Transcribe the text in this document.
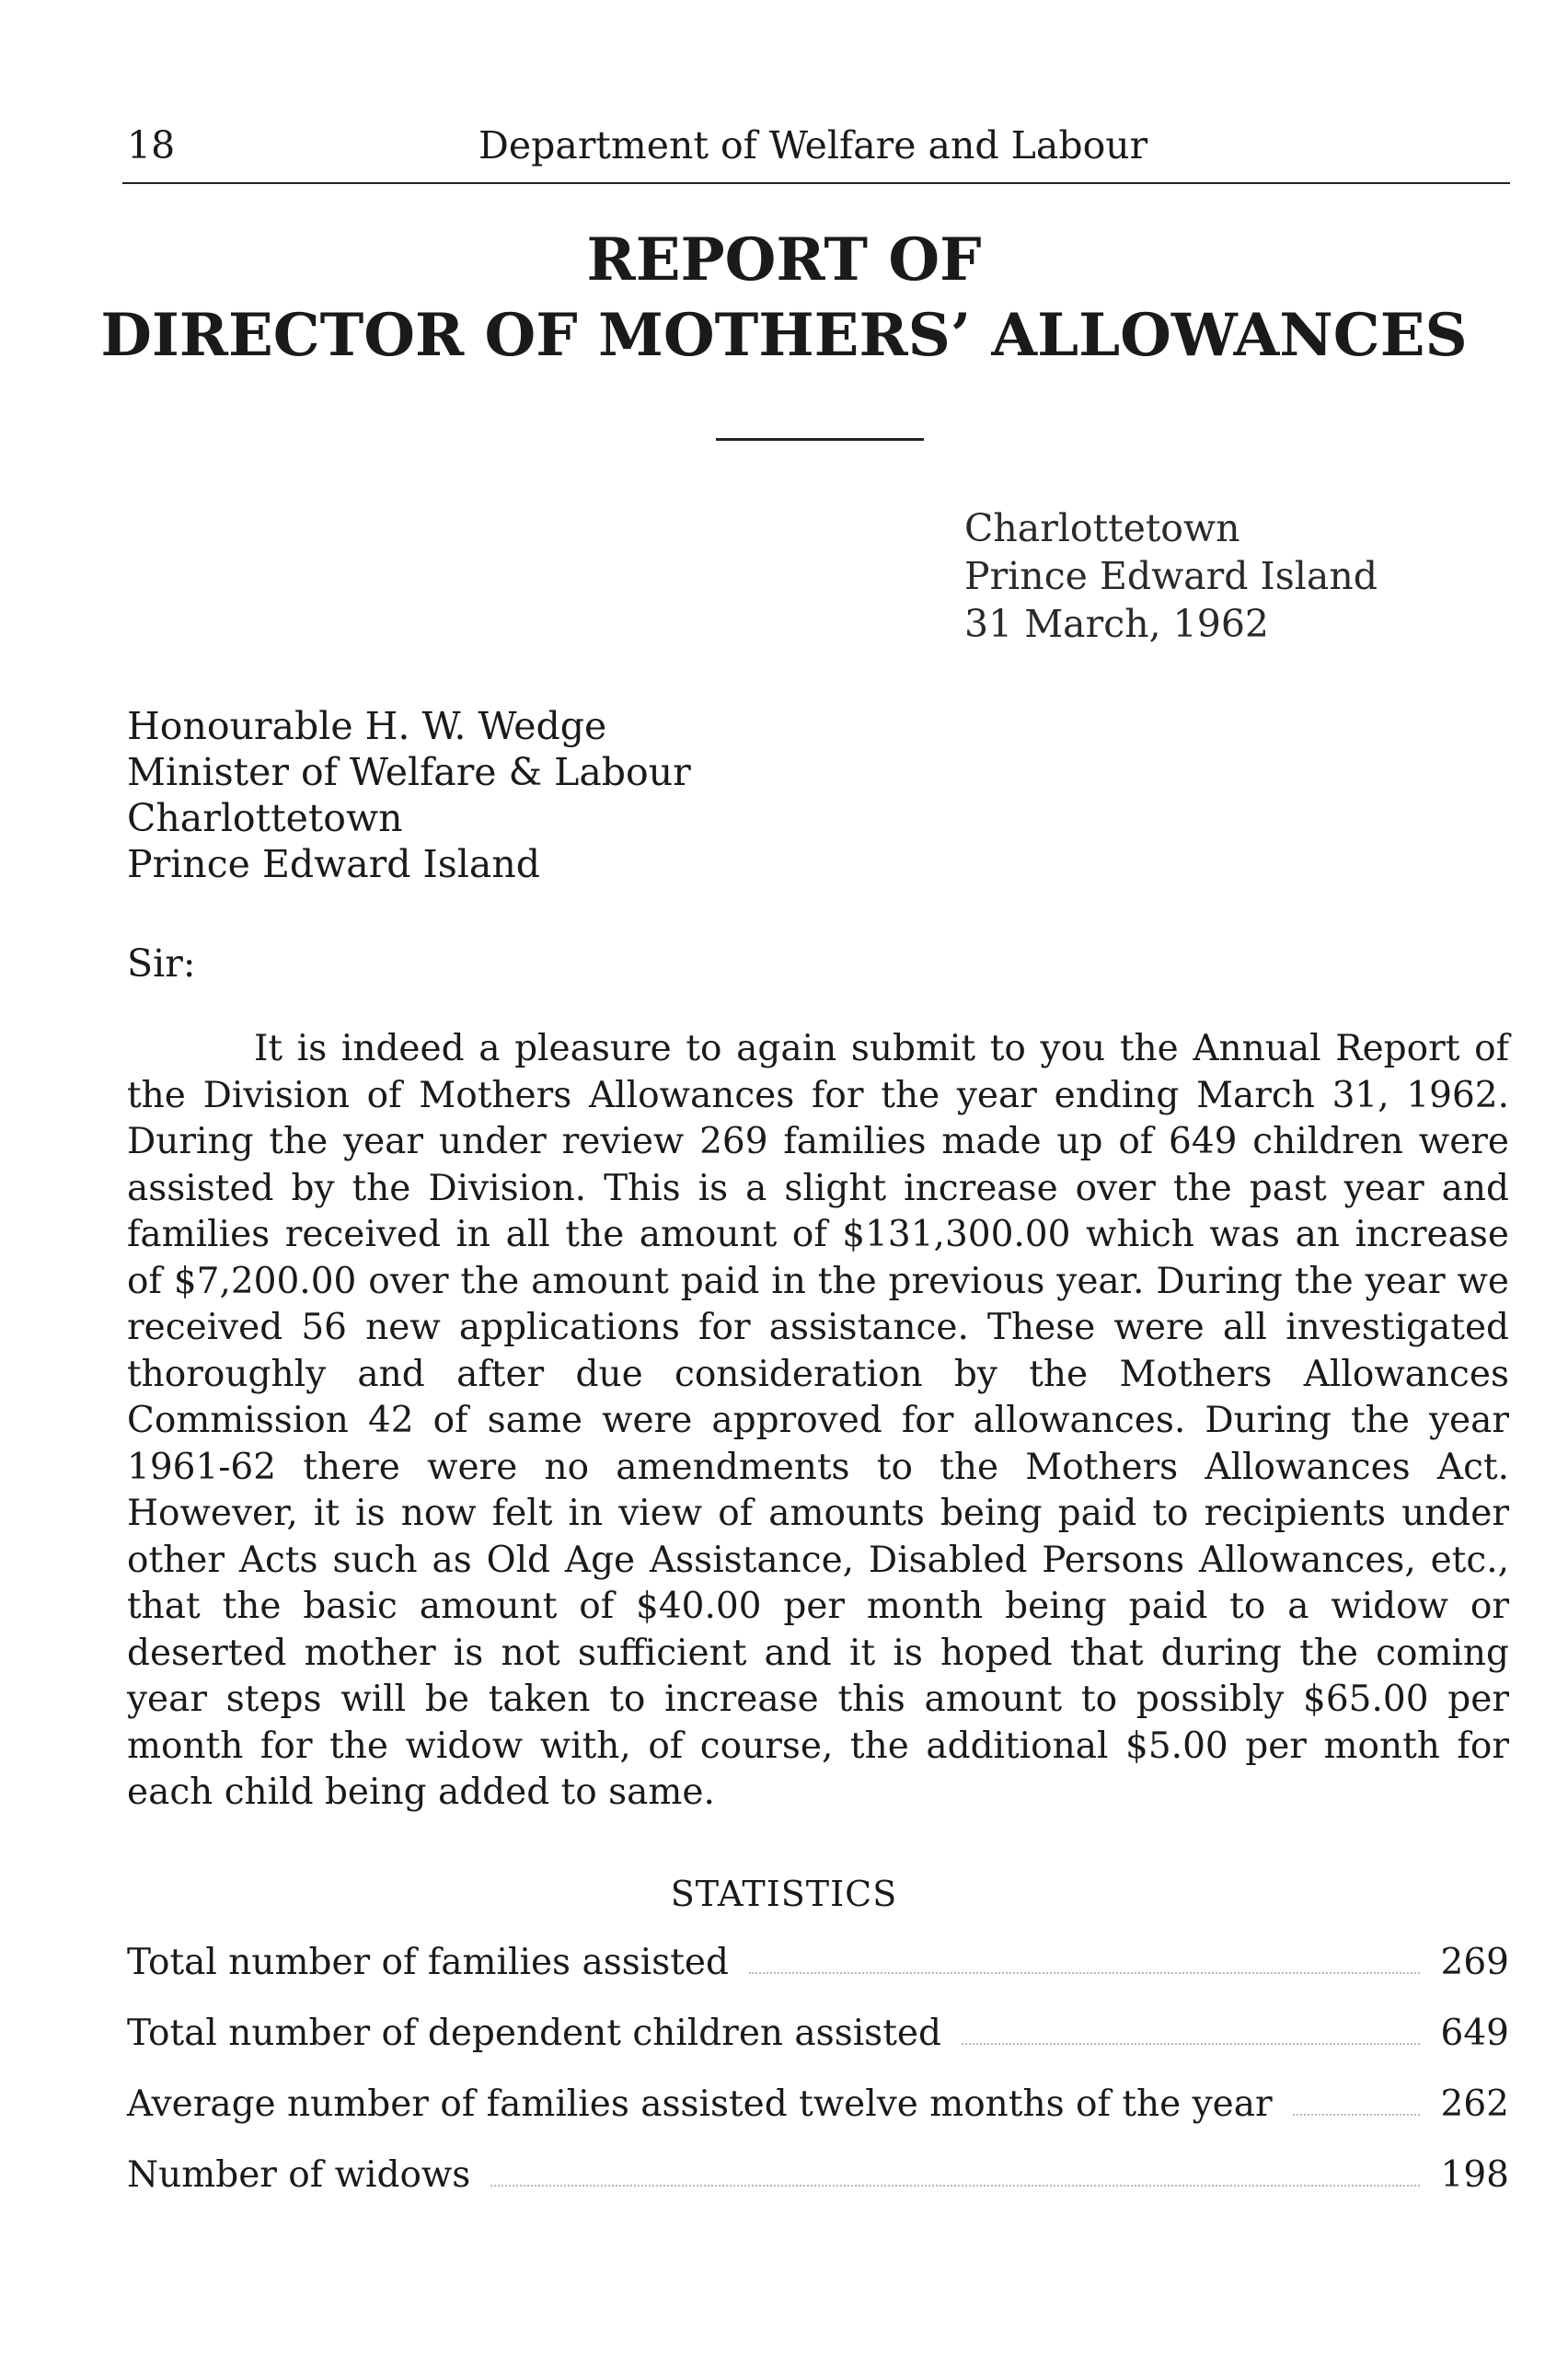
18	Department of Welfare and Labour
REPORT OF
DIRECTOR OF MOTHERS’ ALLOWANCES
Charlottetown
Prince Edward Island
31 March, 1962
Honourable H. W. Wedge
Minister of Welfare & Labour
Charlottetown
Prince Edward Island
Sir:

It is indeed a pleasure to again submit to you the Annual Report of the Division of Mothers Allowances for the year ending March 31, 1962. During the year under review 269 families made up of 649 children were assisted by the Division. This is a slight increase over the past year and families received in all the amount of $131,300.00 which was an increase of $7,200.00 over the amount paid in the previous year. During the year we received 56 new applications for assistance. These were all investigated thoroughly and after due consideration by the Mothers Allowances Commission 42 of same were approved for allowances. During the year 1961-62 there were no amendments to the Mothers Allowances Act. However, it is now felt in view of amounts being paid to recipients under other Acts such as Old Age Assistance, Disabled Persons Allowances, etc., that the basic amount of $40.00 per month being paid to a widow or deserted mother is not sufficient and it is hoped that during the coming year steps will be taken to increase this amount to possibly $65.00 per month for the widow with, of course, the additional $5.00 per month for each child being added to same.

STATISTICS
Total number of families assisted	269
Total number of dependent children assisted	649
Average number of families assisted twelve months of the year	262
Number of widows	198
